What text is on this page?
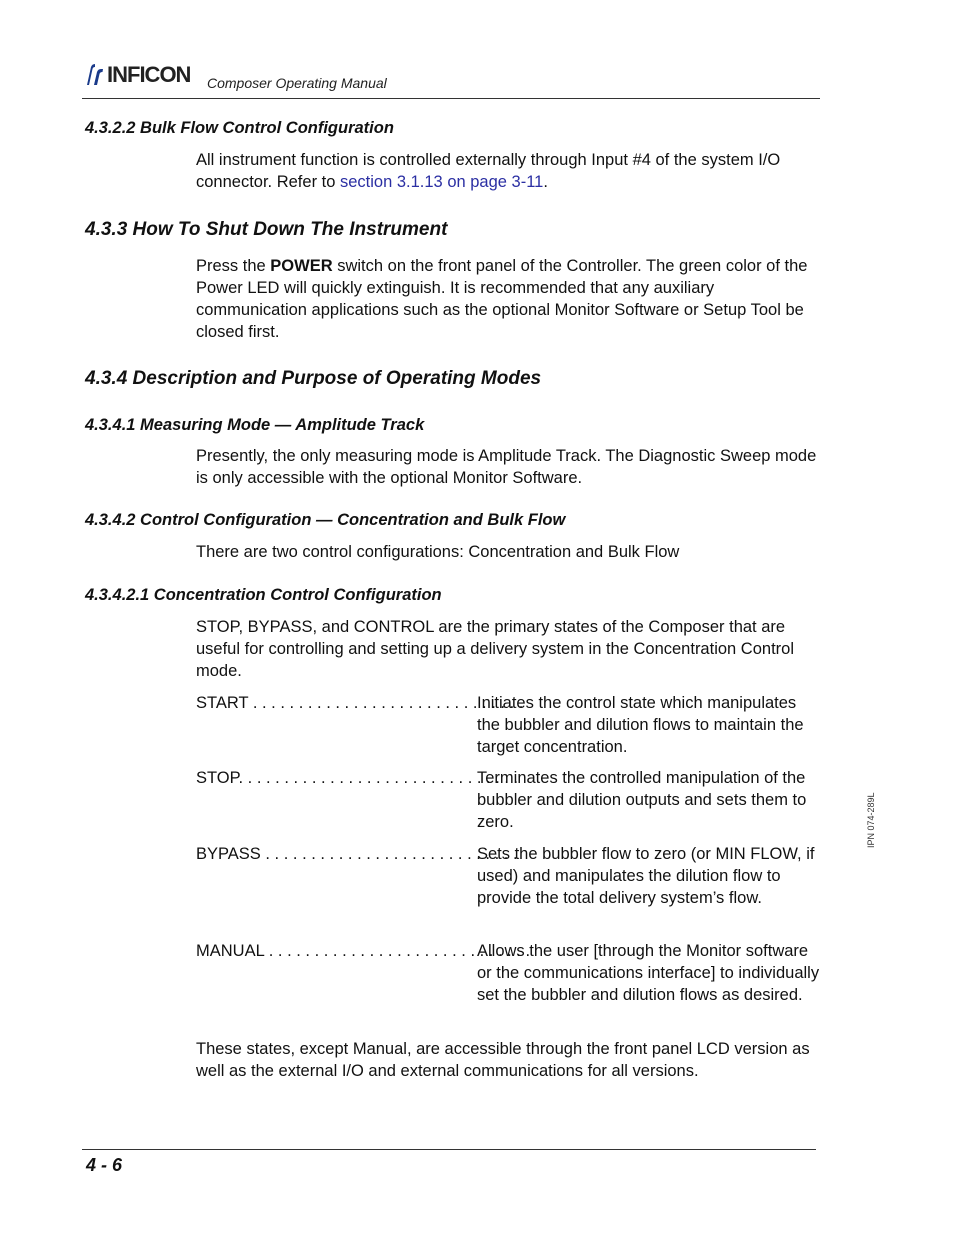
INFICON Composer Operating Manual
4.3.2.2 Bulk Flow Control Configuration
All instrument function is controlled externally through Input #4 of the system I/O connector. Refer to section 3.1.13 on page 3-11.
4.3.3 How To Shut Down The Instrument
Press the POWER switch on the front panel of the Controller. The green color of the Power LED will quickly extinguish. It is recommended that any auxiliary communication applications such as the optional Monitor Software or Setup Tool be closed first.
4.3.4 Description and Purpose of Operating Modes
4.3.4.1 Measuring Mode — Amplitude Track
Presently, the only measuring mode is Amplitude Track. The Diagnostic Sweep mode is only accessible with the optional Monitor Software.
4.3.4.2 Control Configuration — Concentration and Bulk Flow
There are two control configurations: Concentration and Bulk Flow
4.3.4.2.1 Concentration Control Configuration
STOP, BYPASS, and CONTROL are the primary states of the Composer that are useful for controlling and setting up a delivery system in the Concentration Control mode.
START . . . . . . . . . . . . . . . . . . . . . . . . . . . . . .
Initiates the control state which manipulates the bubbler and dilution flows to maintain the target concentration.
STOP. . . . . . . . . . . . . . . . . . . . . . . . . . . . . . .
Terminates the controlled manipulation of the bubbler and dilution outputs and sets them to zero.
BYPASS . . . . . . . . . . . . . . . . . . . . . . . . . . . .
Sets the bubbler flow to zero (or MIN FLOW, if used) and manipulates the dilution flow to provide the total delivery system’s flow.
MANUAL . . . . . . . . . . . . . . . . . . . . . . . . . . . . .
Allows the user [through the Monitor software or the communications interface] to individually set the bubbler and dilution flows as desired.
These states, except Manual, are accessible through the front panel LCD version as well as the external I/O and external communications for all versions.
IPN 074-289L
4 - 6
